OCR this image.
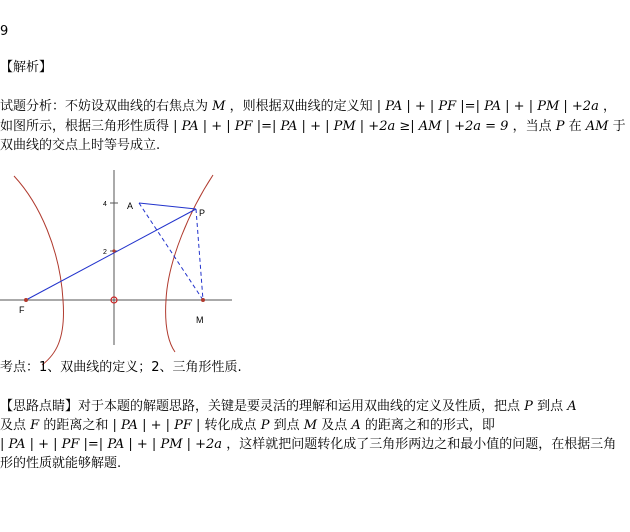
9
【解析】
试题分析：不妨设双曲线的右焦点为 M ，则根据双曲线的定义知 | PA | + | PF |=| PA | + | PM | +2a ，
如图所示，根据三角形性质得 | PA | + | PF |=| PA | + | PM | +2a ≥| AM | +2a = 9 ，当点 P 在 AM 于
双曲线的交点上时等号成立.
A
P
F
M
4
2
考点：1、双曲线的定义；2、三角形性质.
【思路点睛】对于本题的解题思路，关键是要灵活的理解和运用双曲线的定义及性质，把点 P 到点 A
及点 F 的距离之和 | PA | + | PF | 转化成点 P 到点 M 及点 A 的距离之和的形式，即
| PA | + | PF |=| PA | + | PM | +2a ，这样就把问题转化成了三角形两边之和最小值的问题，在根据三角
形的性质就能够解题.
